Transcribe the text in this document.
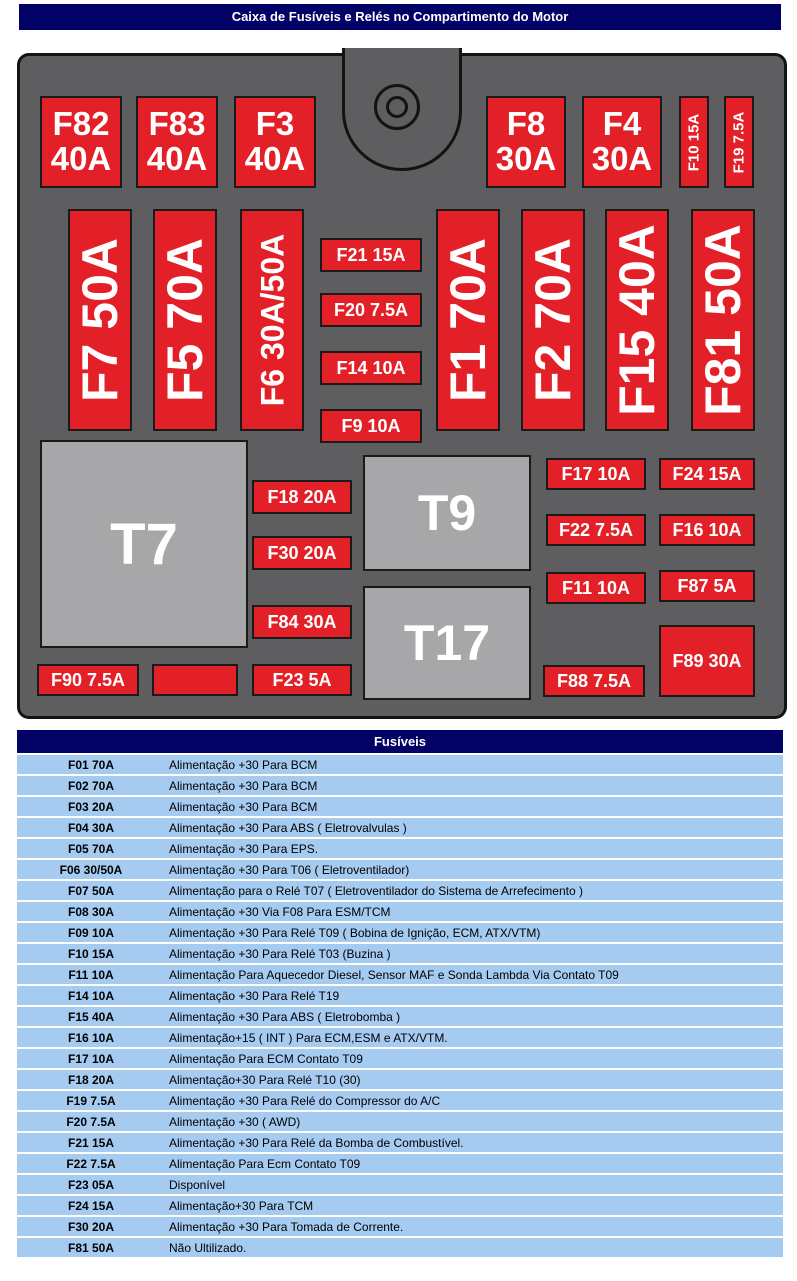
Caixa de Fusíveis e Relés no Compartimento do Motor
F82
40A
F83
40A
F3
40A
F8
30A
F4
30A F10 15A F19 7.5A
F7 50A F5 70A F6 30A/50A	F1 70A F2 70A F15 40A F81 50A
F21 15A
F20 7.5A
F14 10A
F9 10A
T7	T9
T17
F18 20A
F30 20A
F84 30A
F17 10A	F24 15A
F22 7.5A	F16 10A
F11 10A	F87 5A
F89 30A
F90 7.5A	F23 5A	F88 7.5A
Fusíveis	
F01 70A	Alimentação +30 Para BCM
F02 70A	Alimentação +30 Para BCM
F03 20A	Alimentação +30 Para BCM
F04 30A	Alimentação +30 Para ABS ( Eletrovalvulas )
F05 70A	Alimentação +30 Para EPS.
F06 30/50A	Alimentação +30 Para T06 ( Eletroventilador)
F07 50A	Alimentação para o Relé T07 ( Eletroventilador do Sistema de Arrefecimento )
F08 30A	Alimentação +30 Via F08 Para ESM/TCM
F09 10A	Alimentação +30 Para Relé T09 ( Bobina de Ignição, ECM, ATX/VTM)
F10 15A	Alimentação +30 Para Relé T03 (Buzina )
F11 10A	Alimentação Para Aquecedor Diesel, Sensor MAF e Sonda Lambda Via Contato T09
F14 10A	Alimentação +30 Para Relé T19
F15 40A	Alimentação +30 Para ABS ( Eletrobomba )
F16 10A	Alimentação+15 ( INT ) Para ECM,ESM e ATX/VTM.
F17 10A	Alimentação Para ECM Contato T09
F18 20A	Alimentação+30 Para Relé T10 (30)
F19 7.5A	Alimentação +30 Para Relé do Compressor do A/C
F20 7.5A	Alimentação +30 ( AWD)
F21 15A	Alimentação +30 Para Relé da Bomba de Combustível.
F22 7.5A	Alimentação Para Ecm Contato T09
F23 05A	Disponível
F24 15A	Alimentação+30 Para TCM
F30 20A	Alimentação +30 Para Tomada de Corrente.
F81 50A	Não Ultilizado.
